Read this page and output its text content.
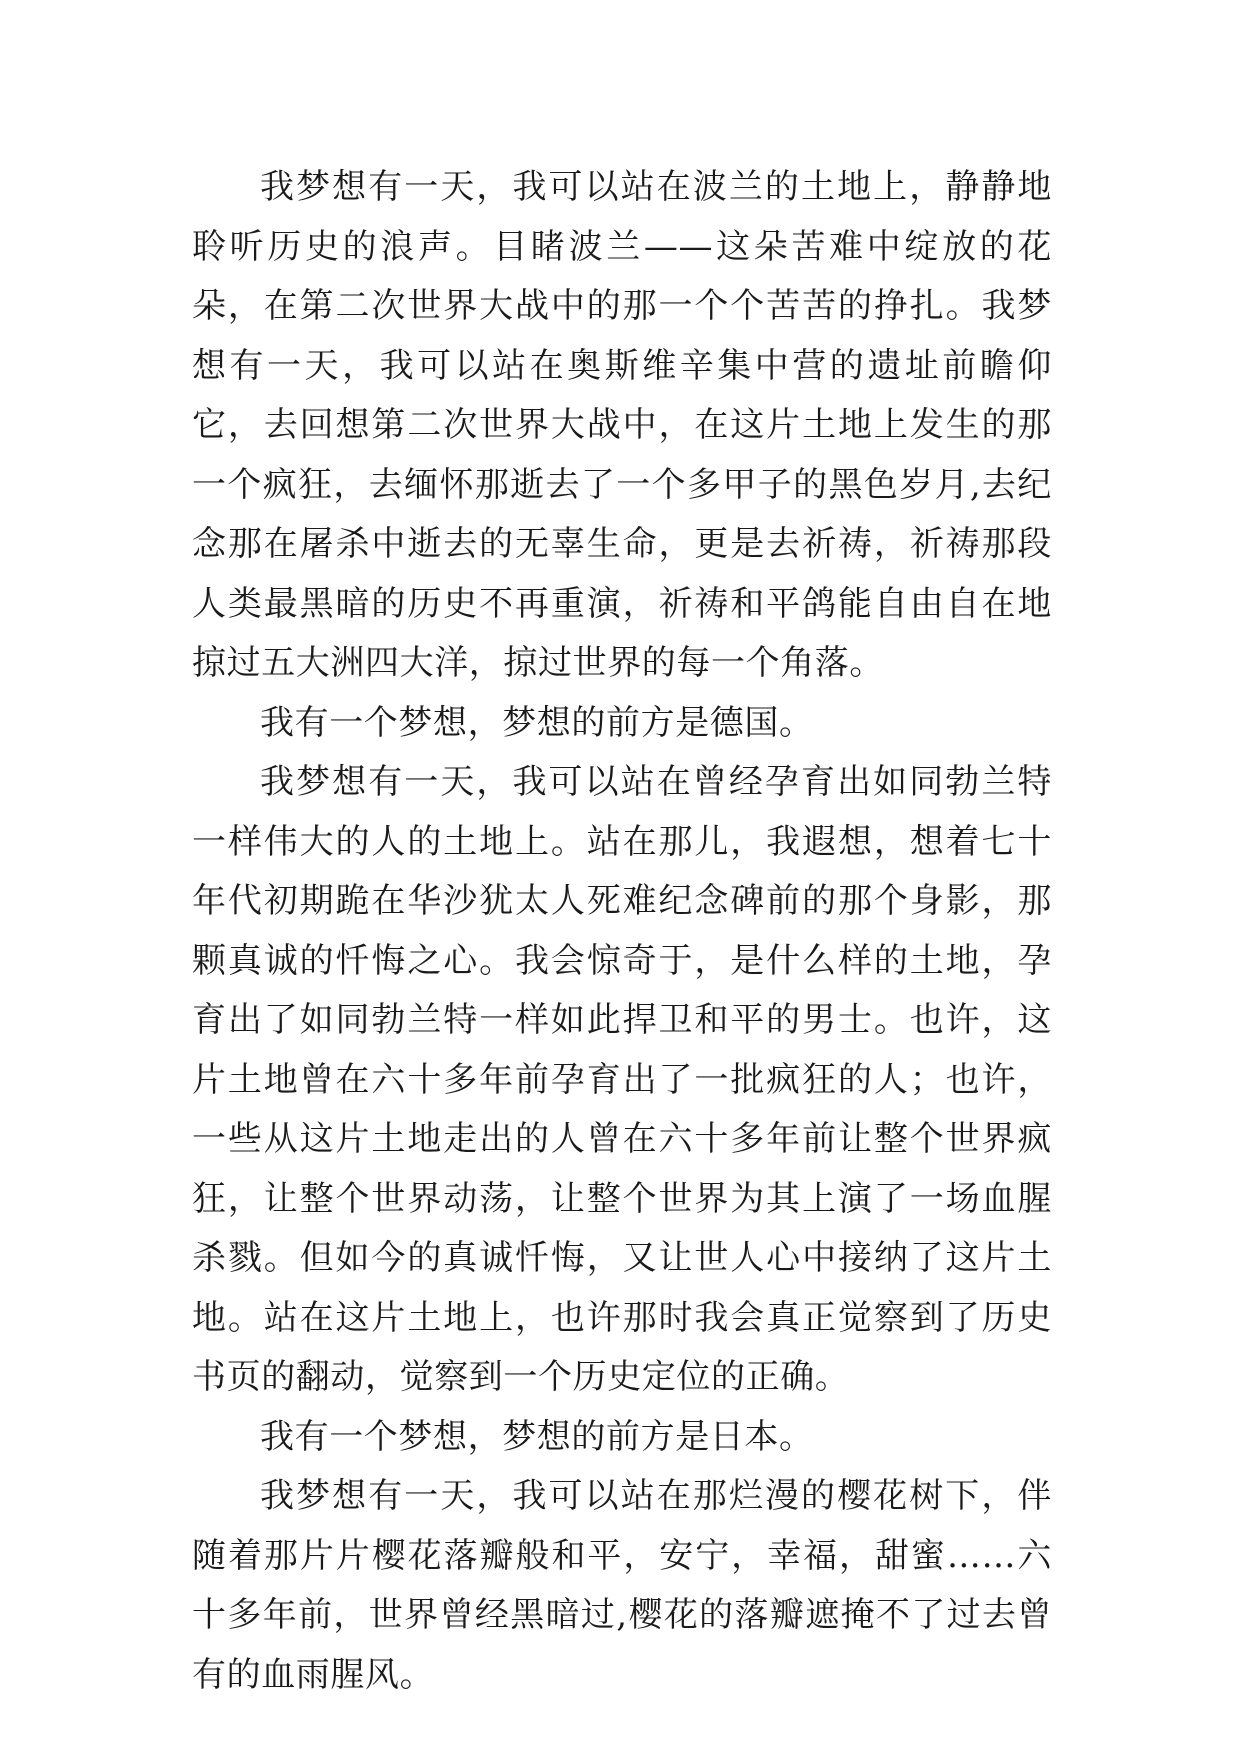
我梦想有一天，我可以站在波兰的土地上，静静地聆听历史的浪声。目睹波兰——这朵苦难中绽放的花朵，在第二次世界大战中的那一个个苦苦的挣扎。我梦想有一天，我可以站在奥斯维辛集中营的遗址前瞻仰它，去回想第二次世界大战中，在这片土地上发生的那一个疯狂，去缅怀那逝去了一个多甲子的黑色岁月,去纪念那在屠杀中逝去的无辜生命，更是去祈祷，祈祷那段人类最黑暗的历史不再重演，祈祷和平鸽能自由自在地掠过五大洲四大洋，掠过世界的每一个角落。

我有一个梦想，梦想的前方是德国。

我梦想有一天，我可以站在曾经孕育出如同勃兰特一样伟大的人的土地上。站在那儿，我遐想，想着七十年代初期跪在华沙犹太人死难纪念碑前的那个身影，那颗真诚的忏悔之心。我会惊奇于，是什么样的土地，孕育出了如同勃兰特一样如此捍卫和平的男士。也许，这片土地曾在六十多年前孕育出了一批疯狂的人；也许，一些从这片土地走出的人曾在六十多年前让整个世界疯狂，让整个世界动荡，让整个世界为其上演了一场血腥杀戮。但如今的真诚忏悔，又让世人心中接纳了这片土地。站在这片土地上，也许那时我会真正觉察到了历史书页的翻动，觉察到一个历史定位的正确。

我有一个梦想，梦想的前方是日本。

我梦想有一天，我可以站在那烂漫的樱花树下，伴随着那片片樱花落瓣般和平，安宁，幸福，甜蜜……六十多年前，世界曾经黑暗过,樱花的落瓣遮掩不了过去曾有的血雨腥风。
